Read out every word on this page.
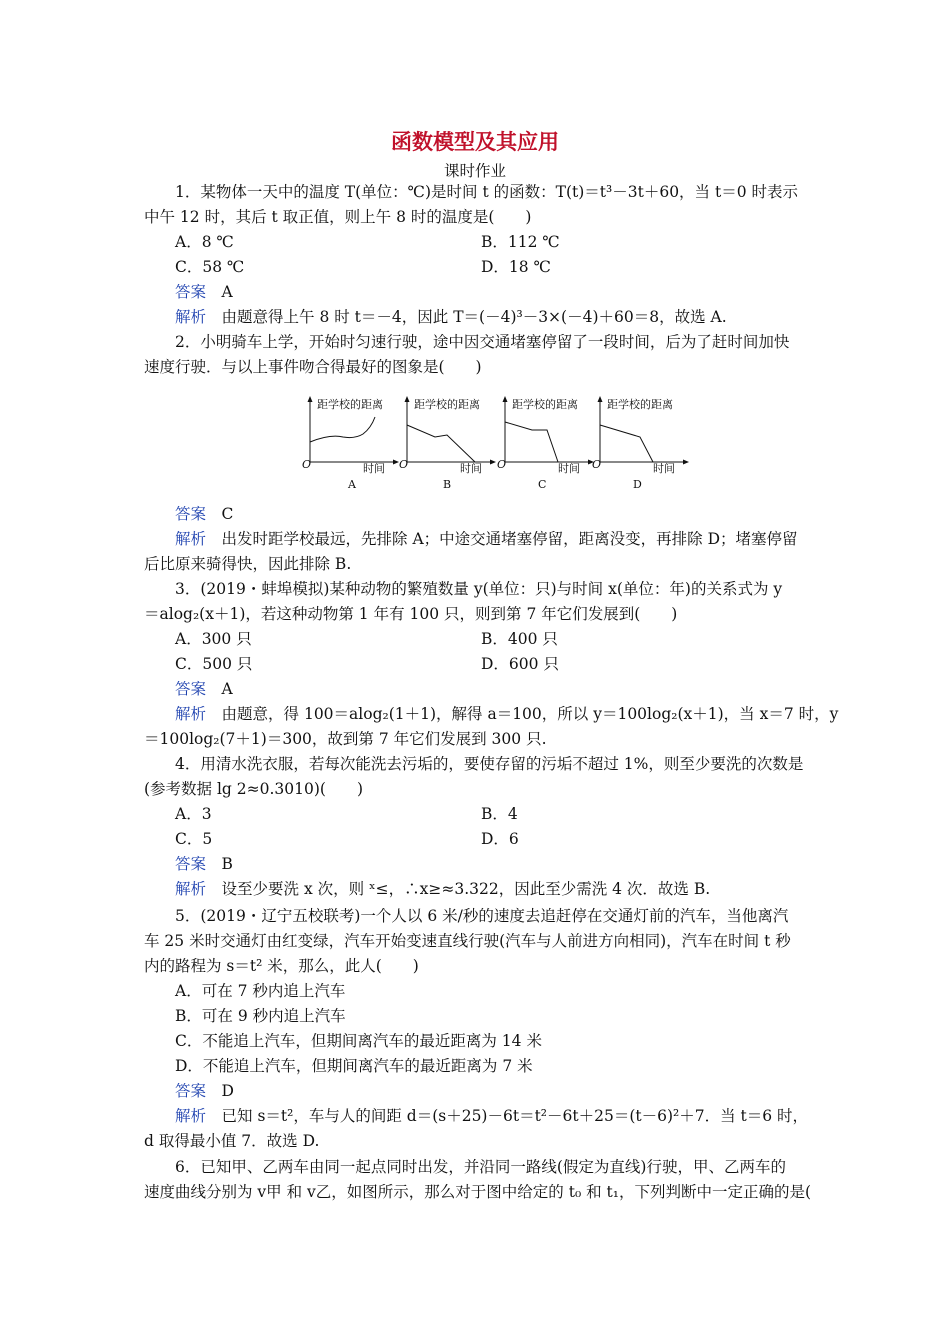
函数模型及其应用
课时作业
1．某物体一天中的温度 T(单位：℃)是时间 t 的函数：T(t)＝t³－3t＋60，当 t＝0 时表示
中午 12 时，其后 t 取正值，则上午 8 时的温度是(　　)
A．8 ℃	B．112 ℃
C．58 ℃	D．18 ℃
答案　 A
解析　 由题意得上午 8 时 t＝－4，因此 T＝(－4)³－3×(－4)＋60＝8，故选 A.
2．小明骑车上学，开始时匀速行驶，途中因交通堵塞停留了一段时间，后为了赶时间加快
速度行驶．与以上事件吻合得最好的图象是(　　)
距学校的距离
时间
O
A
距学校的距离
时间
O
B
距学校的距离
时间
O
C
距学校的距离
时间
O
D
答案　 C
解析　 出发时距学校最远，先排除 A；中途交通堵塞停留，距离没变，再排除 D；堵塞停留
后比原来骑得快，因此排除 B.
3．(2019・蚌埠模拟)某种动物的繁殖数量 y(单位：只)与时间 x(单位：年)的关系式为 y
＝alog₂(x＋1)，若这种动物第 1 年有 100 只，则到第 7 年它们发展到(　　)
A．300 只	B．400 只
C．500 只	D．600 只
答案　 A
解析　 由题意，得 100＝alog₂(1＋1)，解得 a＝100，所以 y＝100log₂(x＋1)，当 x＝7 时，y
＝100log₂(7＋1)＝300，故到第 7 年它们发展到 300 只.
4．用清水洗衣服，若每次能洗去污垢的，要使存留的污垢不超过 1%，则至少要洗的次数是
(参考数据 lg 2≈0.3010)(　　)
A．3	B．4
C．5	D．6
答案　 B
解析　 设至少要洗 x 次，则 ˣ≤，∴x≥≈3.322，因此至少需洗 4 次．故选 B.
5．(2019・辽宁五校联考)一个人以 6 米/秒的速度去追赶停在交通灯前的汽车，当他离汽
车 25 米时交通灯由红变绿，汽车开始变速直线行驶(汽车与人前进方向相同)，汽车在时间 t 秒
内的路程为 s＝t² 米，那么，此人(　　)
A．可在 7 秒内追上汽车
B．可在 9 秒内追上汽车
C．不能追上汽车，但期间离汽车的最近距离为 14 米
D．不能追上汽车，但期间离汽车的最近距离为 7 米
答案　 D
解析　 已知 s＝t²，车与人的间距 d＝(s＋25)－6t＝t²－6t＋25＝(t－6)²＋7．当 t＝6 时，
d 取得最小值 7．故选 D.
6．已知甲、乙两车由同一起点同时出发，并沿同一路线(假定为直线)行驶，甲、乙两车的
速度曲线分别为 v甲 和 v乙，如图所示，那么对于图中给定的 t₀ 和 t₁，下列判断中一定正确的是(
